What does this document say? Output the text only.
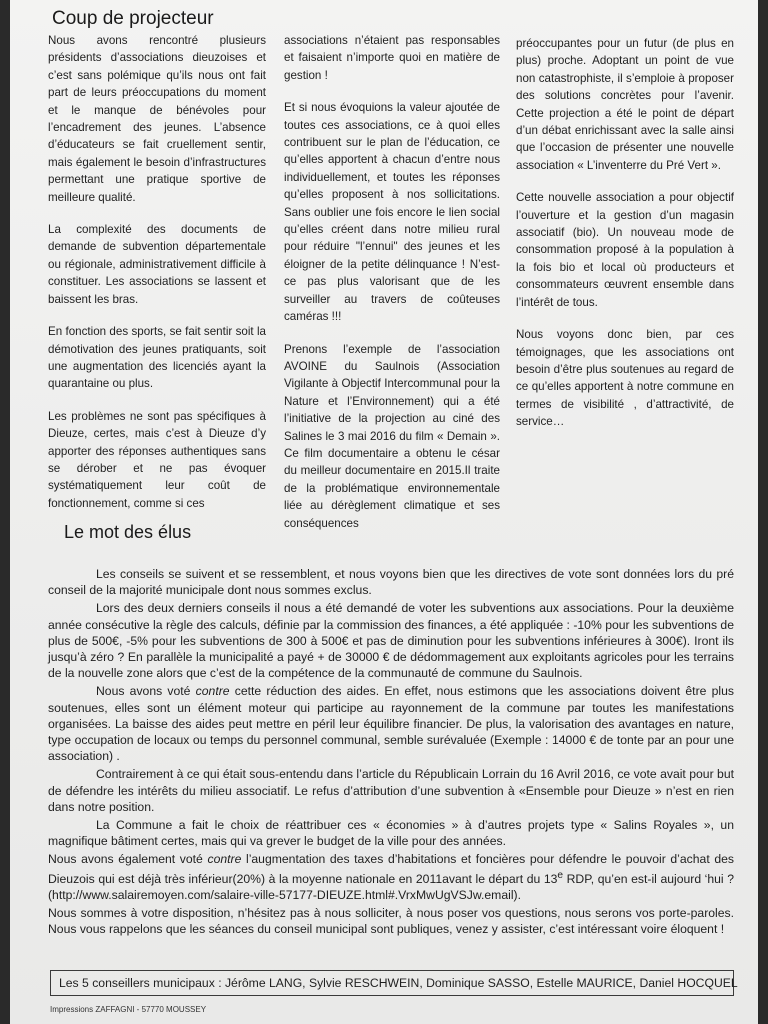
Coup de projecteur

Nous avons rencontré plusieurs présidents d’associations dieuzoises et c’est sans polémique qu’ils nous ont fait part de leurs préoccupations du moment et le manque de bénévoles pour l’encadrement des jeunes. L’absence d’éducateurs se fait cruellement sentir, mais également le besoin d’infrastructures permettant une pratique sportive de meilleure qualité.

La complexité des documents de demande de subvention départementale ou régionale, administrativement difficile à constituer. Les associations se lassent et baissent les bras.

En fonction des sports, se fait sentir soit la démotivation des jeunes pratiquants, soit une augmentation des licenciés ayant la quarantaine ou plus.

Les problèmes ne sont pas spécifiques à Dieuze, certes, mais c’est à Dieuze d’y apporter des réponses authentiques sans se dérober et ne pas évoquer systématiquement leur coût de fonctionnement, comme si ces

associations n’étaient pas responsables et faisaient n’importe quoi en matière de gestion !

Et si nous évoquions la valeur ajoutée de toutes ces associations, ce à quoi elles contribuent sur le plan de l’éducation, ce qu’elles apportent à chacun d’entre nous individuellement, et toutes les réponses qu’elles proposent à nos sollicitations. Sans oublier une fois encore le lien social qu’elles créent dans notre milieu rural pour réduire "l’ennui" des jeunes et les éloigner de la petite délinquance ! N’est-ce pas plus valorisant que de les surveiller au travers de coûteuses caméras !!!

Prenons l’exemple de l’association AVOINE du Saulnois (Association Vigilante à Objectif Intercommunal pour la Nature et l’Environnement) qui a été l’initiative de la projection au ciné des Salines le 3 mai 2016 du film « Demain ». Ce film documentaire a obtenu le césar du meilleur documentaire en 2015.Il traite de la problématique environnementale liée au dérèglement climatique et ses conséquences

préoccupantes pour un futur (de plus en plus) proche. Adoptant un point de vue non catastrophiste, il s’emploie à proposer des solutions concrètes pour l’avenir. Cette projection a été le point de départ d’un débat enrichissant avec la salle ainsi que l’occasion de présenter une nouvelle association « L’inventerre du Pré Vert ».

Cette nouvelle association a pour objectif l’ouverture et la gestion d’un magasin associatif (bio). Un nouveau mode de consommation proposé à la population à la fois bio et local où producteurs et consommateurs œuvrent ensemble dans l’intérêt de tous.

Nous voyons donc bien, par ces témoignages, que les associations ont besoin d’être plus soutenues au regard de ce qu’elles apportent à notre commune en termes de visibilité , d’attractivité, de service…

Le mot des élus

Les conseils se suivent et se ressemblent, et nous voyons bien que les directives de vote sont données lors du pré conseil de la majorité municipale dont nous sommes exclus.

Lors des deux derniers conseils il nous a été demandé de voter les subventions aux associations. Pour la deuxième année consécutive la règle des calculs, définie par la commission des finances, a été appliquée : -10% pour les subventions de plus de 500€, -5% pour les subventions de 300 à 500€ et pas de diminution pour les subventions inférieures à 300€). Iront ils jusqu’à zéro ? En parallèle la municipalité a payé + de 30000 € de dédommagement aux exploitants agricoles pour les terrains de la nouvelle zone alors que c’est de la compétence de la communauté de commune du Saulnois.

Nous avons voté contre cette réduction des aides. En effet, nous estimons que les associations doivent être plus soutenues, elles sont un élément moteur qui participe au rayonnement de la commune par toutes les manifestations organisées. La baisse des aides peut mettre en péril leur équilibre financier. De plus, la valorisation des avantages en nature, type occupation de locaux ou temps du personnel communal, semble surévaluée (Exemple : 14000 € de tonte par an pour une association) .

Contrairement à ce qui était sous-entendu dans l’article du Républicain Lorrain du 16 Avril 2016, ce vote avait pour but de défendre les intérêts du milieu associatif. Le refus d’attribution d’une subvention à «Ensemble pour Dieuze » n’est en rien dans notre position.

La Commune a fait le choix de réattribuer ces « économies » à d’autres projets type « Salins Royales », un magnifique bâtiment certes, mais qui va grever le budget de la ville pour des années.

Nous avons également voté contre l’augmentation des taxes d’habitations et foncières pour défendre le pouvoir d’achat des Dieuzois qui est déjà très inférieur(20%) à la moyenne nationale en 2011avant le départ du 13e RDP, qu’en est-il aujourd ‘hui ? (http://www.salairemoyen.com/salaire-ville-57177-DIEUZE.html#.VrxMwUgVSJw.email).

Nous sommes à votre disposition, n’hésitez pas à nous solliciter, à nous poser vos questions, nous serons vos porte-paroles. Nous vous rappelons que les séances du conseil municipal sont publiques, venez y assister, c’est intéressant voire éloquent !

Les 5 conseillers municipaux : Jérôme LANG, Sylvie RESCHWEIN, Dominique SASSO, Estelle MAURICE, Daniel HOCQUEL
Impressions ZAFFAGNI - 57770 MOUSSEY
